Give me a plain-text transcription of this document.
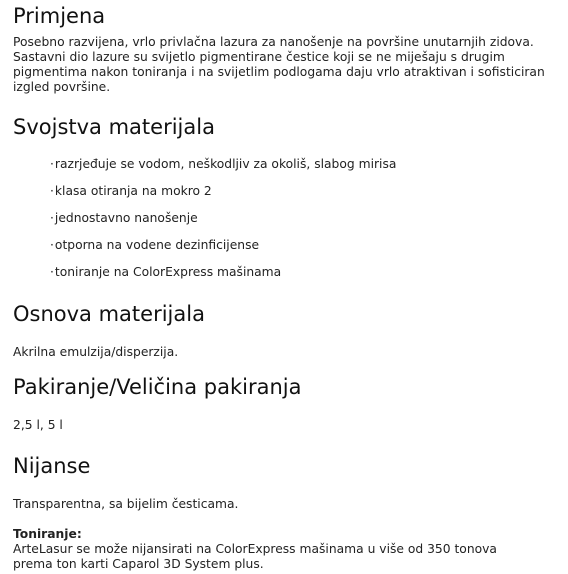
Primjena

Posebno razvijena, vrlo privlačna lazura za nanošenje na površine unutarnjih zidova. Sastavni dio lazure su svijetlo pigmentirane čestice koji se ne miješaju s drugim pigmentima nakon toniranja i na svijetlim podlogama daju vrlo atraktivan i sofisticiran izgled površine.

Svojstva materijala
·razrjeđuje se vodom, neškodljiv za okoliš, slabog mirisa
·klasa otiranja na mokro 2
·jednostavno nanošenje
·otporna na vodene dezinficijense
·toniranje na ColorExpress mašinama
Osnova materijala

Akrilna emulzija/disperzija.

Pakiranje/Veličina pakiranja

2,5 l, 5 l

Nijanse

Transparentna, sa bijelim česticama.

Toniranje:
ArteLasur se može nijansirati na ColorExpress mašinama u više od 350 tonova prema ton karti Caparol 3D System plus.
